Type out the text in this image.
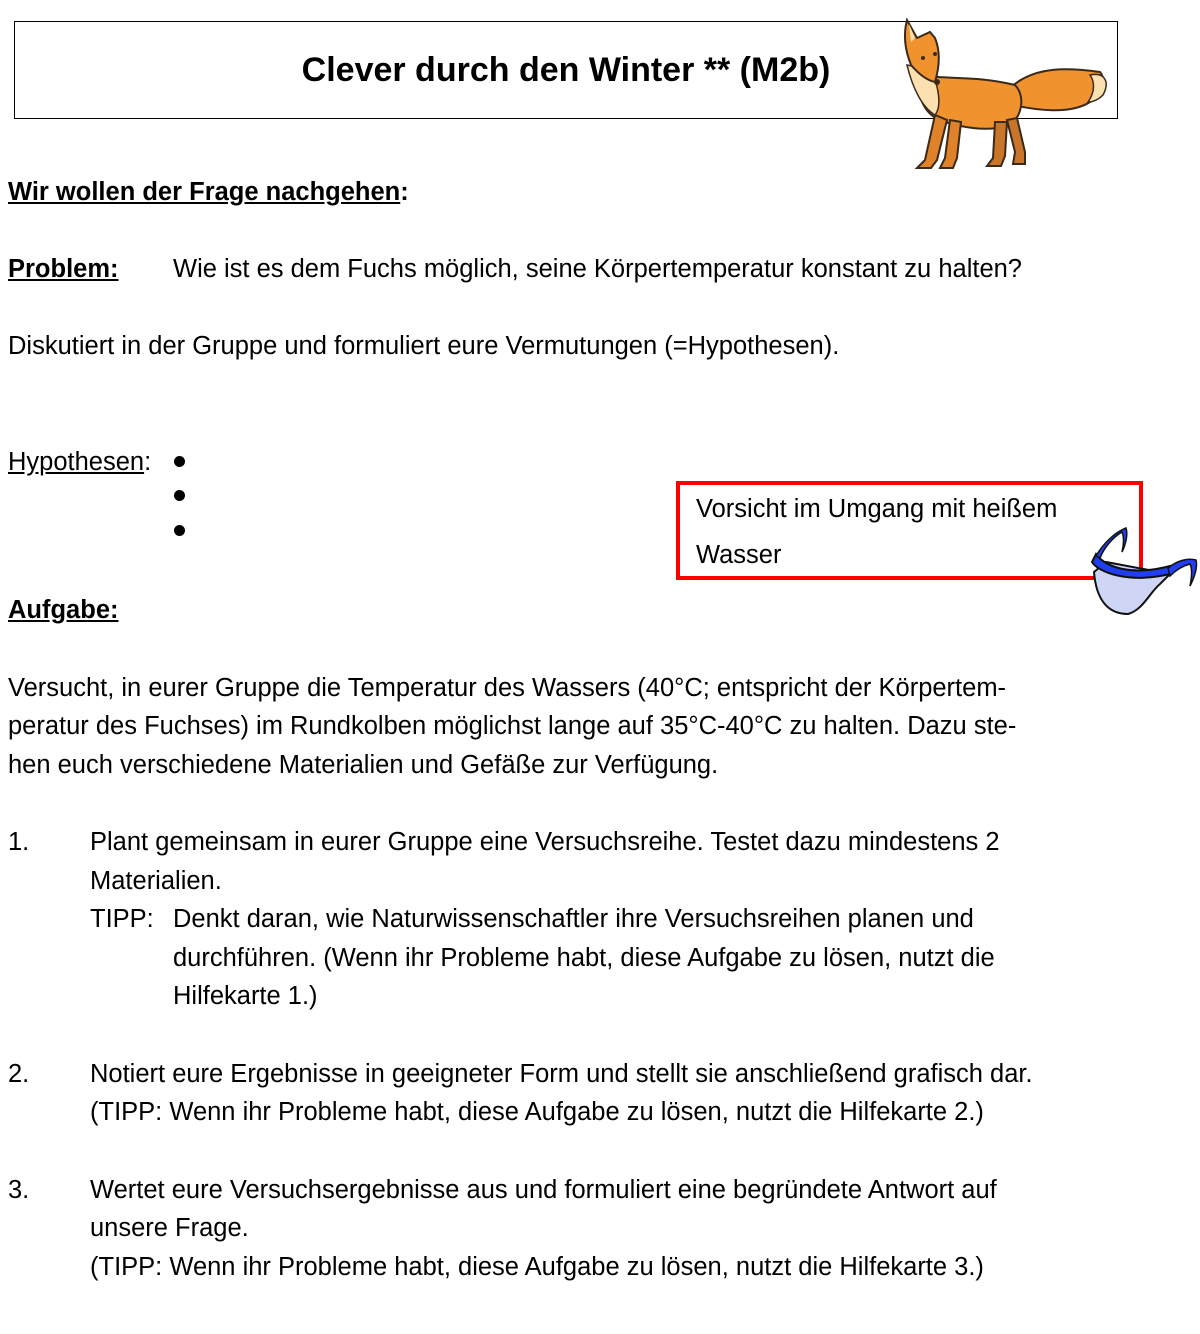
Clever durch den Winter ** (M2b)
Wir wollen der Frage nachgehen:
Problem: Wie ist es dem Fuchs möglich, seine Körpertemperatur konstant zu halten?
Diskutiert in der Gruppe und formuliert eure Vermutungen (=Hypothesen).
Hypothesen:
Vorsicht im Umgang mit heißem
Wasser
Aufgabe:
Versucht, in eurer Gruppe die Temperatur des Wassers (40°C; entspricht der Körpertem-
peratur des Fuchses) im Rundkolben möglichst lange auf 35°C-40°C zu halten. Dazu ste-
hen euch verschiedene Materialien und Gefäße zur Verfügung.
1. Plant gemeinsam in eurer Gruppe eine Versuchsreihe. Testet dazu mindestens 2
Materialien.
TIPP: Denkt daran, wie Naturwissenschaftler ihre Versuchsreihen planen und
durchführen. (Wenn ihr Probleme habt, diese Aufgabe zu lösen, nutzt die
Hilfekarte 1.)
2. Notiert eure Ergebnisse in geeigneter Form und stellt sie anschließend grafisch dar.
(TIPP: Wenn ihr Probleme habt, diese Aufgabe zu lösen, nutzt die Hilfekarte 2.)
3. Wertet eure Versuchsergebnisse aus und formuliert eine begründete Antwort auf
unsere Frage.
(TIPP: Wenn ihr Probleme habt, diese Aufgabe zu lösen, nutzt die Hilfekarte 3.)
